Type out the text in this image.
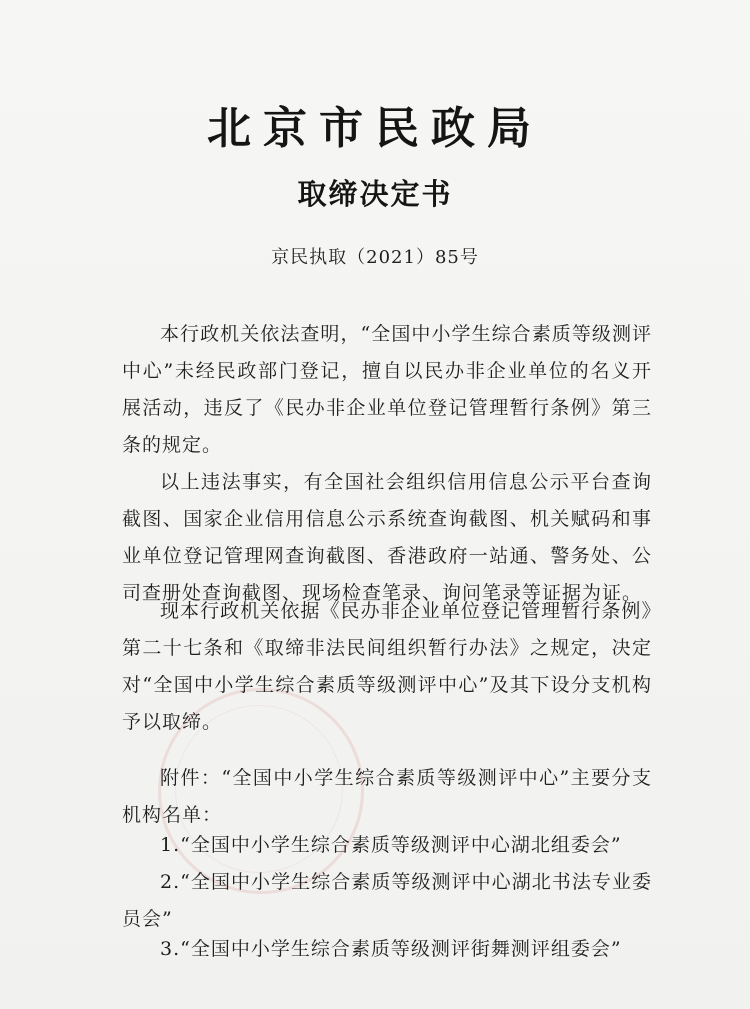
北京市民政局
取缔决定书
京民执取（2021）85号

本行政机关依法查明，“全国中小学生综合素质等级测评中心”未经民政部门登记，擅自以民办非企业单位的名义开展活动，违反了《民办非企业单位登记管理暂行条例》第三条的规定。

以上违法事实，有全国社会组织信用信息公示平台查询截图、国家企业信用信息公示系统查询截图、机关赋码和事业单位登记管理网查询截图、香港政府一站通、警务处、公司查册处查询截图、现场检查笔录、询问笔录等证据为证。

现本行政机关依据《民办非企业单位登记管理暂行条例》第二十七条和《取缔非法民间组织暂行办法》之规定，决定对“全国中小学生综合素质等级测评中心”及其下设分支机构予以取缔。

附件：“全国中小学生综合素质等级测评中心”主要分支机构名单：

1.“全国中小学生综合素质等级测评中心湖北组委会”

2.“全国中小学生综合素质等级测评中心湖北书法专业委员会”

3.“全国中小学生综合素质等级测评街舞测评组委会”
